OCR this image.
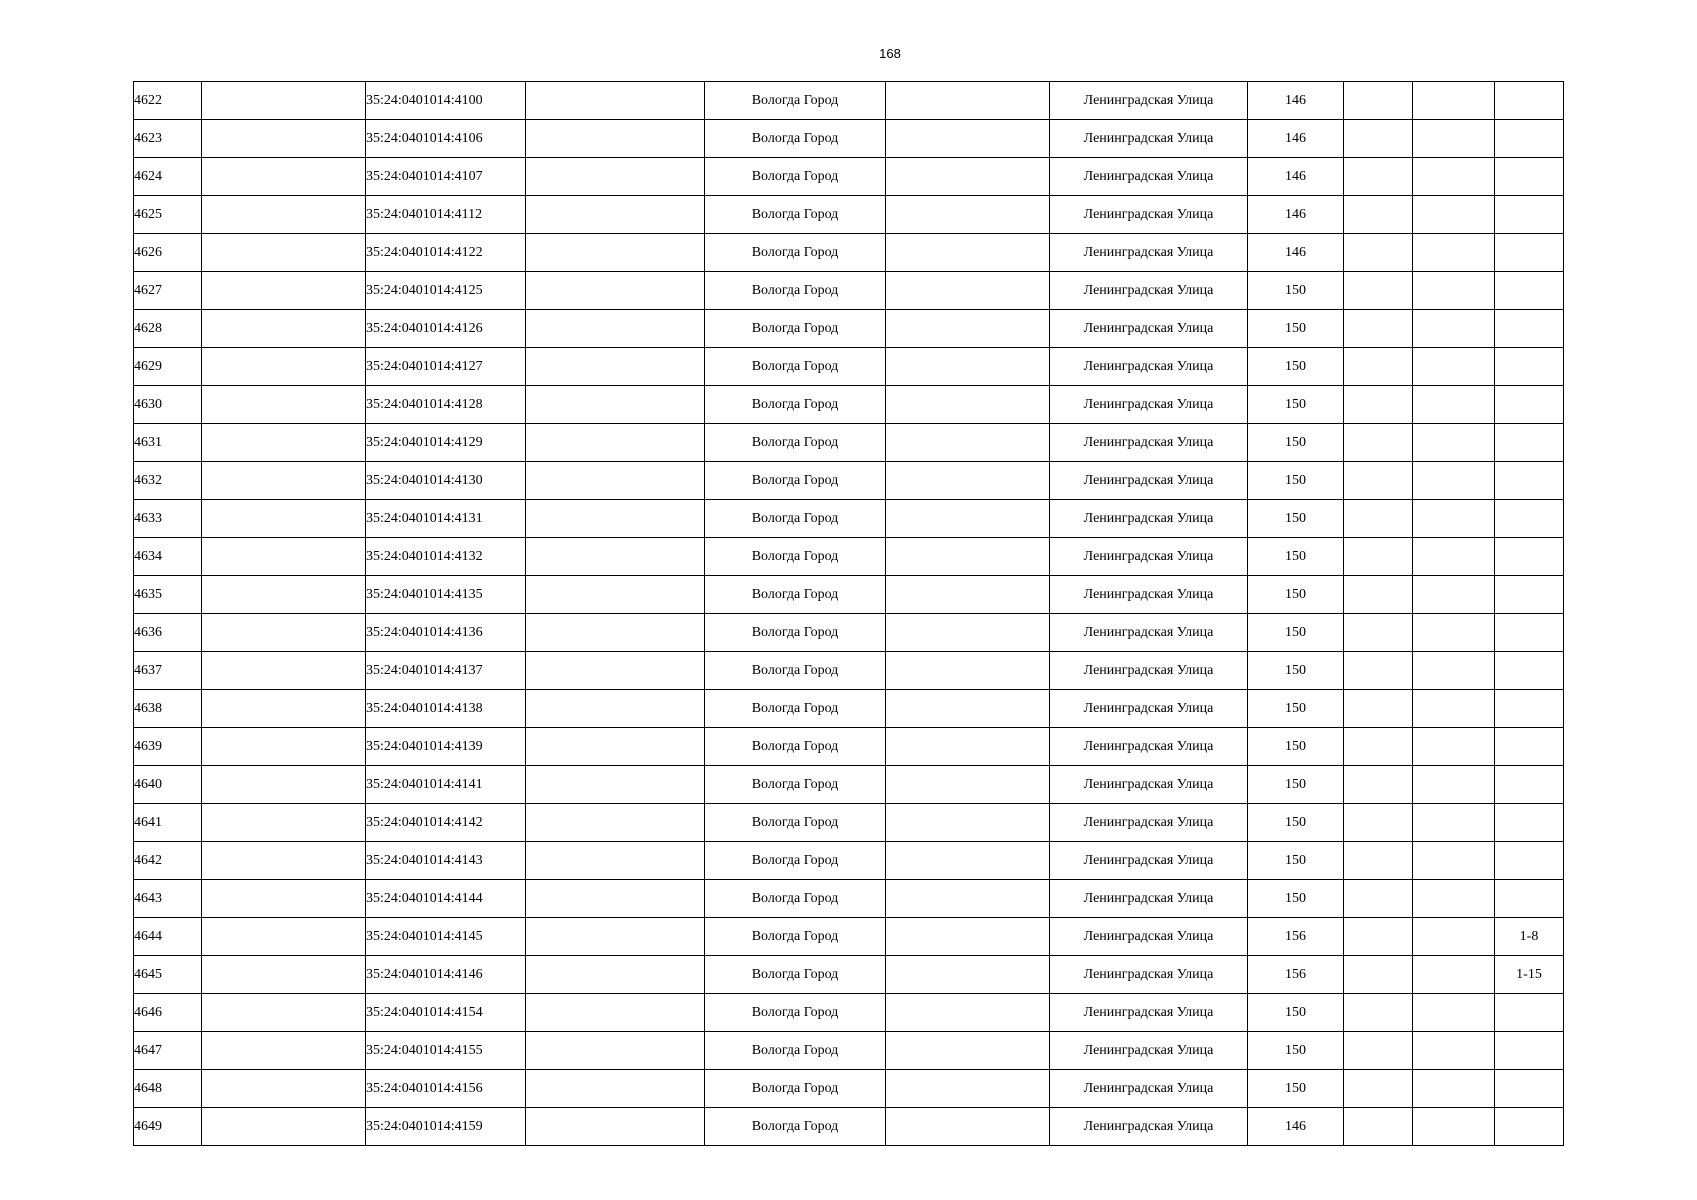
168
4622		35:24:0401014:4100		Вологда Город		Ленинградская Улица	146			
4623		35:24:0401014:4106		Вологда Город		Ленинградская Улица	146			
4624		35:24:0401014:4107		Вологда Город		Ленинградская Улица	146			
4625		35:24:0401014:4112		Вологда Город		Ленинградская Улица	146			
4626		35:24:0401014:4122		Вологда Город		Ленинградская Улица	146			
4627		35:24:0401014:4125		Вологда Город		Ленинградская Улица	150			
4628		35:24:0401014:4126		Вологда Город		Ленинградская Улица	150			
4629		35:24:0401014:4127		Вологда Город		Ленинградская Улица	150			
4630		35:24:0401014:4128		Вологда Город		Ленинградская Улица	150			
4631		35:24:0401014:4129		Вологда Город		Ленинградская Улица	150			
4632		35:24:0401014:4130		Вологда Город		Ленинградская Улица	150			
4633		35:24:0401014:4131		Вологда Город		Ленинградская Улица	150			
4634		35:24:0401014:4132		Вологда Город		Ленинградская Улица	150			
4635		35:24:0401014:4135		Вологда Город		Ленинградская Улица	150			
4636		35:24:0401014:4136		Вологда Город		Ленинградская Улица	150			
4637		35:24:0401014:4137		Вологда Город		Ленинградская Улица	150			
4638		35:24:0401014:4138		Вологда Город		Ленинградская Улица	150			
4639		35:24:0401014:4139		Вологда Город		Ленинградская Улица	150			
4640		35:24:0401014:4141		Вологда Город		Ленинградская Улица	150			
4641		35:24:0401014:4142		Вологда Город		Ленинградская Улица	150			
4642		35:24:0401014:4143		Вологда Город		Ленинградская Улица	150			
4643		35:24:0401014:4144		Вологда Город		Ленинградская Улица	150			
4644		35:24:0401014:4145		Вологда Город		Ленинградская Улица	156			1-8
4645		35:24:0401014:4146		Вологда Город		Ленинградская Улица	156			1-15
4646		35:24:0401014:4154		Вологда Город		Ленинградская Улица	150			
4647		35:24:0401014:4155		Вологда Город		Ленинградская Улица	150			
4648		35:24:0401014:4156		Вологда Город		Ленинградская Улица	150			
4649		35:24:0401014:4159		Вологда Город		Ленинградская Улица	146			
